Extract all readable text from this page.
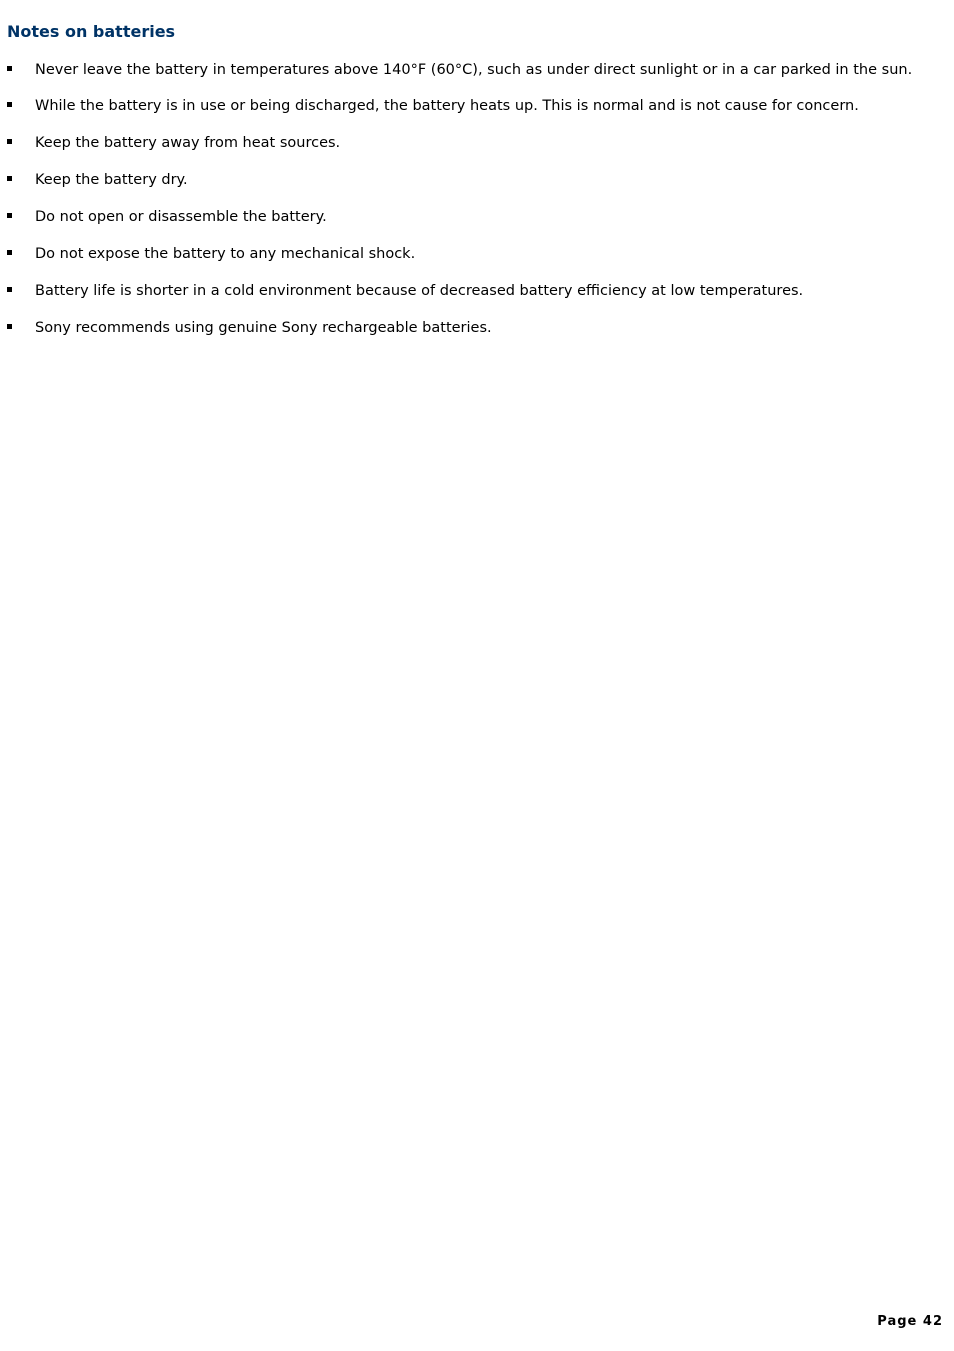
Notes on batteries
Never leave the battery in temperatures above 140°F (60°C), such as under direct sunlight or in a car parked in the sun.
While the battery is in use or being discharged, the battery heats up. This is normal and is not cause for concern.
Keep the battery away from heat sources.
Keep the battery dry.
Do not open or disassemble the battery.
Do not expose the battery to any mechanical shock.
Battery life is shorter in a cold environment because of decreased battery efficiency at low temperatures.
Sony recommends using genuine Sony rechargeable batteries.
Page 42
